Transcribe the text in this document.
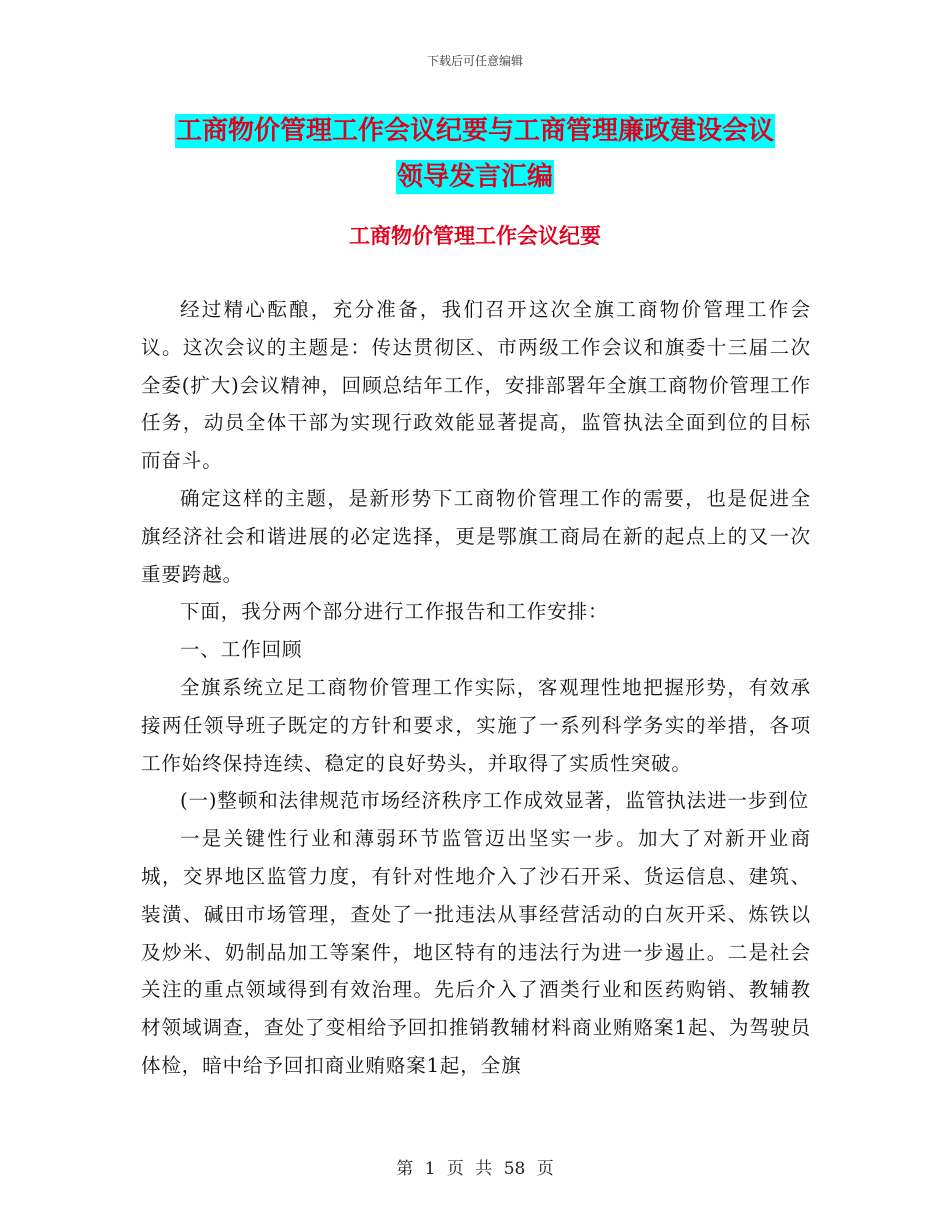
下载后可任意编辑
工商物价管理工作会议纪要与工商管理廉政建设会议
领导发言汇编
工商物价管理工作会议纪要

经过精心酝酿，充分准备，我们召开这次全旗工商物价管理工作会议。这次会议的主题是：传达贯彻区、市两级工作会议和旗委十三届二次全委(扩大)会议精神，回顾总结年工作，安排部署年全旗工商物价管理工作任务，动员全体干部为实现行政效能显著提高，监管执法全面到位的目标而奋斗。

确定这样的主题，是新形势下工商物价管理工作的需要，也是促进全旗经济社会和谐进展的必定选择，更是鄂旗工商局在新的起点上的又一次重要跨越。

下面，我分两个部分进行工作报告和工作安排：

一、工作回顾

全旗系统立足工商物价管理工作实际，客观理性地把握形势，有效承接两任领导班子既定的方针和要求，实施了一系列科学务实的举措，各项工作始终保持连续、稳定的良好势头，并取得了实质性突破。

(一)整顿和法律规范市场经济秩序工作成效显著，监管执法进一步到位

一是关键性行业和薄弱环节监管迈出坚实一步。加大了对新开业商城，交界地区监管力度，有针对性地介入了沙石开采、货运信息、建筑、装潢、碱田市场管理，查处了一批违法从事经营活动的白灰开采、炼铁以及炒米、奶制品加工等案件，地区特有的违法行为进一步遏止。二是社会关注的重点领域得到有效治理。先后介入了酒类行业和医药购销、教辅教材领域调查，查处了变相给予回扣推销教辅材料商业贿赂案1起、为驾驶员体检，暗中给予回扣商业贿赂案1起，全旗

第 1 页 共 58 页
